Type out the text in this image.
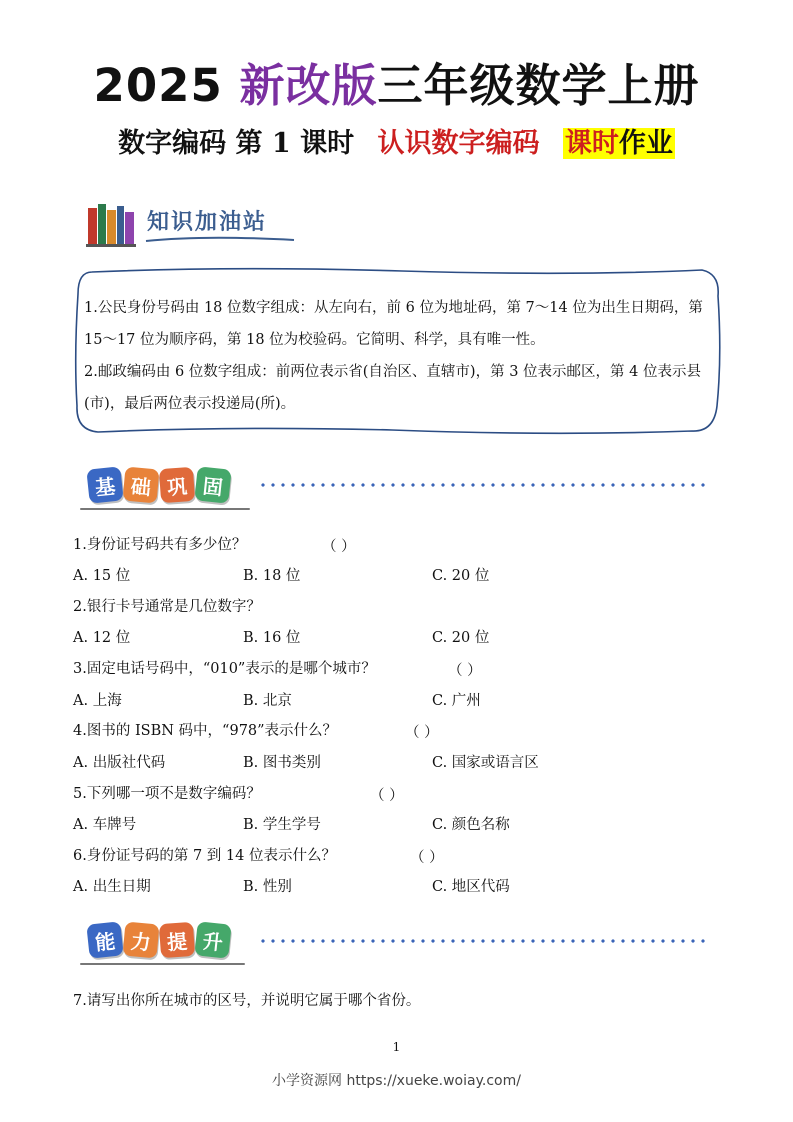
2025 新改版三年级数学上册
数字编码 第 1 课时 认识数字编码 课时作业
知识加油站
1.公民身份号码由 18 位数字组成：从左向右，前 6 位为地址码，第 7～14 位为出生日期码，第 15～17 位为顺序码，第 18 位为校验码。它简明、科学，具有唯一性。
2.邮政编码由 6 位数字组成：前两位表示省(自治区、直辖市)，第 3 位表示邮区，第 4 位表示县(市)，最后两位表示投递局(所)。
基 础 巩 固
1.身份证号码共有多少位？	（ ）
A. 15 位	B. 18 位	C. 20 位
2.银行卡号通常是几位数字？
A. 12 位	B. 16 位	C. 20 位
3.固定电话号码中，“010”表示的是哪个城市？	（ ）
A. 上海	B. 北京	C. 广州
4.图书的 ISBN 码中，“978”表示什么？	（ ）
A. 出版社代码	B. 图书类别	C. 国家或语言区
5.下列哪一项不是数字编码？	（ ）
A. 车牌号	B. 学生学号	C. 颜色名称
6.身份证号码的第 7 到 14 位表示什么？	（ ）
A. 出生日期	B. 性别	C. 地区代码
能 力 提 升
7.请写出你所在城市的区号，并说明它属于哪个省份。
1
小学资源网 https://xueke.woiay.com/
